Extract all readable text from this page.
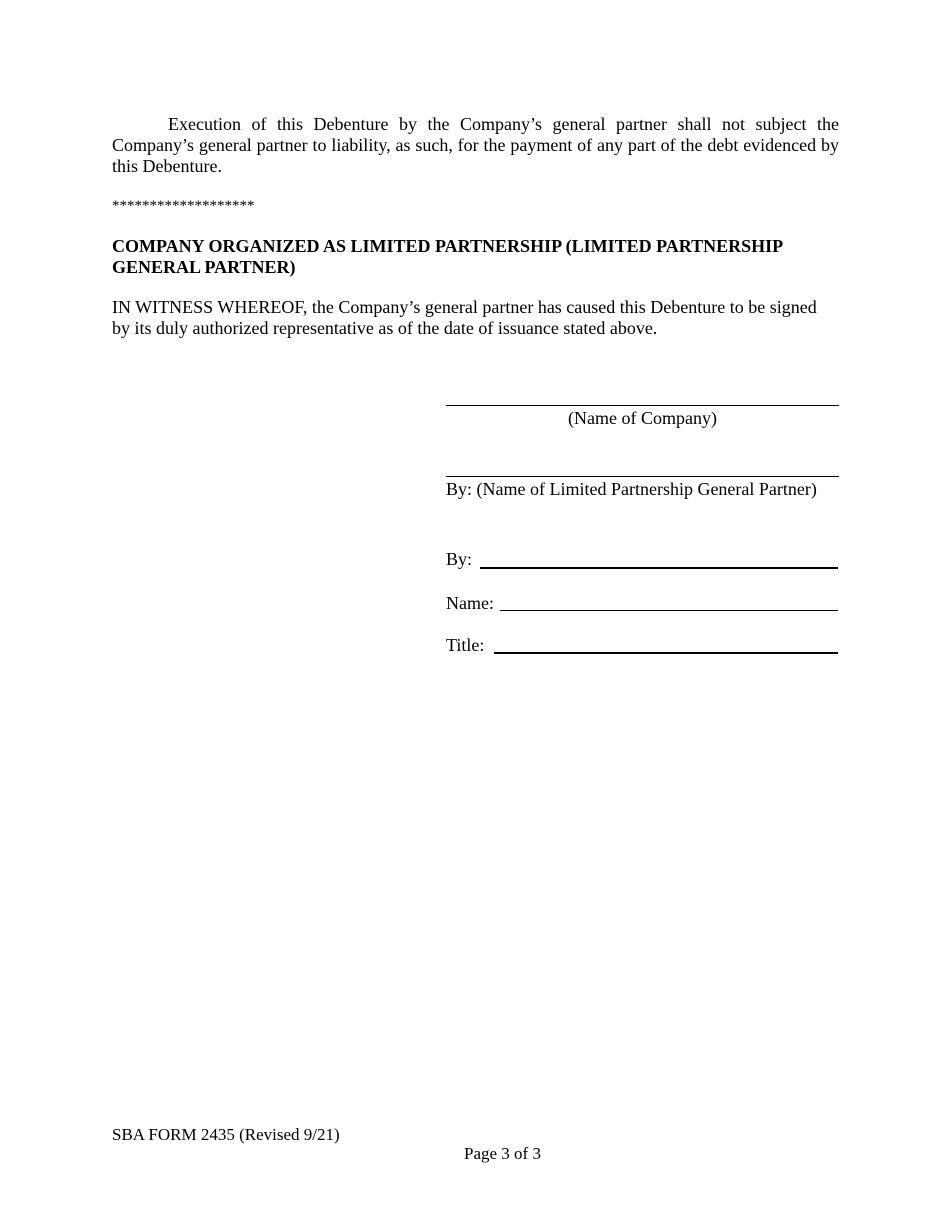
Execution of this Debenture by the Company’s general partner shall not subject the Company’s general partner to liability, as such, for the payment of any part of the debt evidenced by this Debenture.

*******************

COMPANY ORGANIZED AS LIMITED PARTNERSHIP (LIMITED PARTNERSHIP GENERAL PARTNER)

IN WITNESS WHEREOF, the Company’s general partner has caused this Debenture to be signed by its duly authorized representative as of the date of issuance stated above.

(Name of Company)

By: (Name of Limited Partnership General Partner)

By:

Name:

Title:

SBA FORM 2435 (Revised 9/21)

Page 3 of 3
